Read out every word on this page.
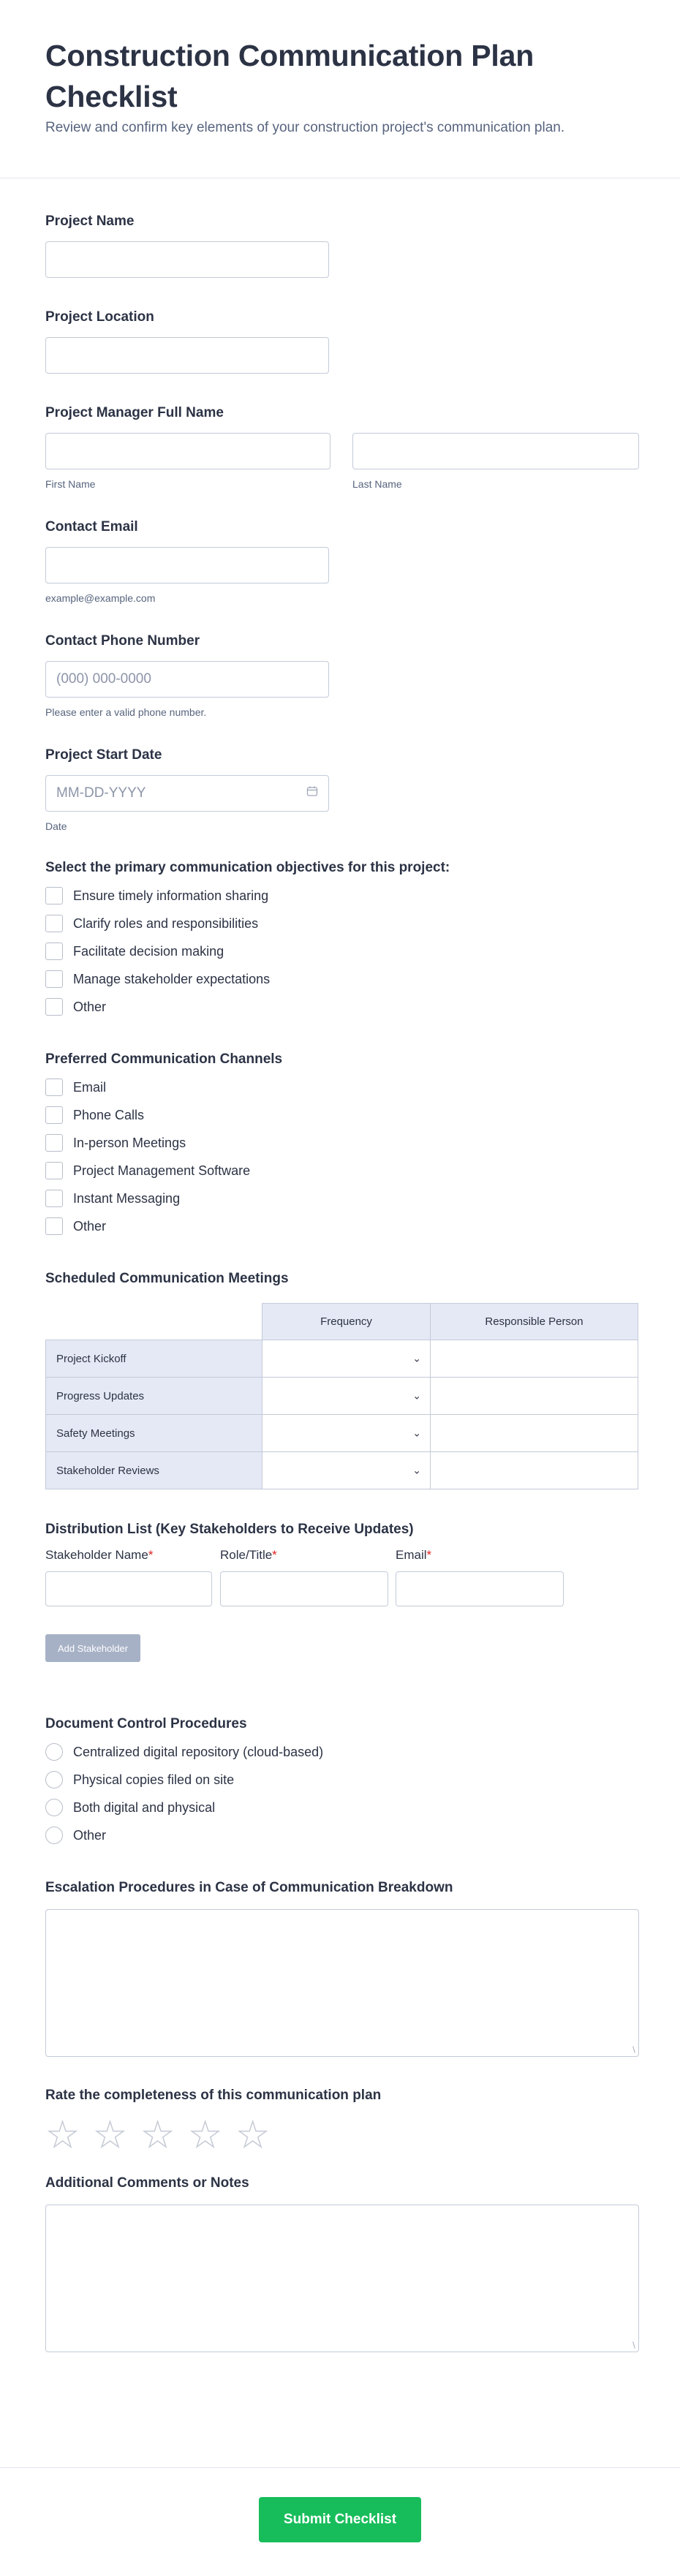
Construction Communication Plan Checklist

Review and confirm key elements of your construction project's communication plan.

Project Name
Project Location
Project Manager Full Name
First Name	Last Name
Contact Email
example@example.com
Contact Phone Number
(000) 000-0000
Please enter a valid phone number.
Project Start Date
MM-DD-YYYY
Date
Select the primary communication objectives for this project:
Ensure timely information sharing
Clarify roles and responsibilities
Facilitate decision making
Manage stakeholder expectations
Other
Preferred Communication Channels
Email
Phone Calls
In-person Meetings
Project Management Software
Instant Messaging
Other
Scheduled Communication Meetings
	Frequency	Responsible Person
Project Kickoff	⌄	

Progress Updates	⌄	

Safety Meetings	⌄	

Stakeholder Reviews	⌄	

Distribution List (Key Stakeholders to Receive Updates)
Stakeholder Name*	Role/Title*	Email*
Add Stakeholder
Document Control Procedures
Centralized digital repository (cloud-based)
Physical copies filed on site
Both digital and physical
Other
Escalation Procedures in Case of Communication Breakdown
∖
Rate the completeness of this communication plan
★ ★ ★ ★ ★
Additional Comments or Notes
∖
Submit Checklist
